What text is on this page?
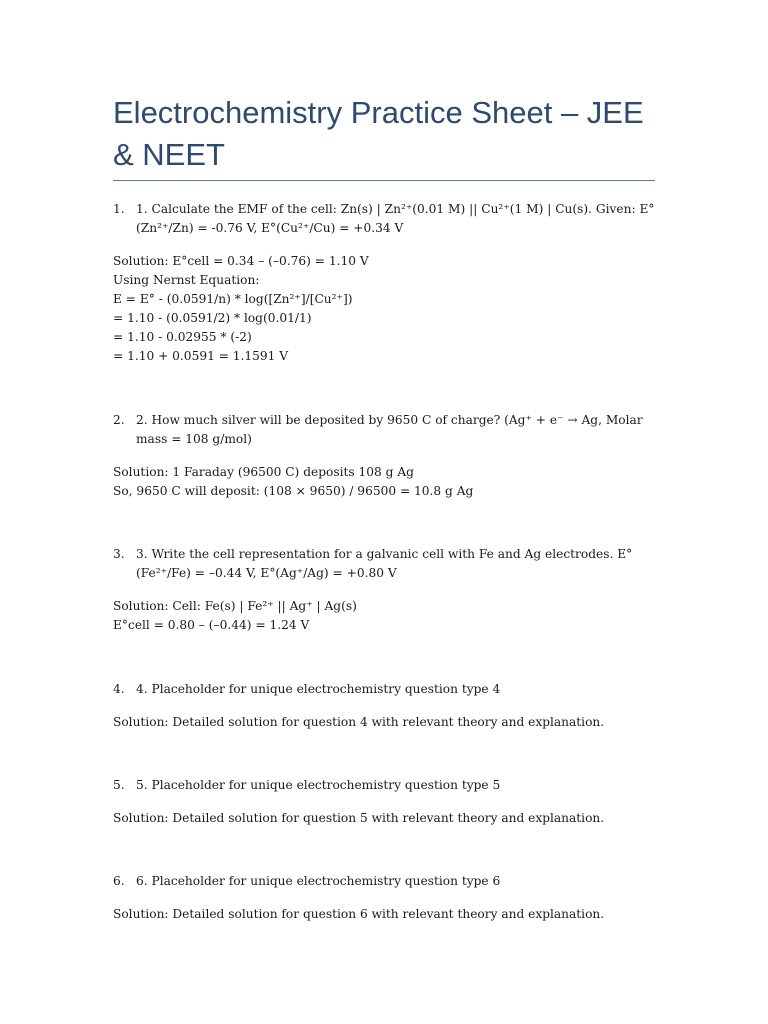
Electrochemistry Practice Sheet – JEE & NEET
1. 1. Calculate the EMF of the cell: Zn(s) | Zn²⁺(0.01 M) || Cu²⁺(1 M) | Cu(s). Given: E°(Zn²⁺/Zn) = -0.76 V, E°(Cu²⁺/Cu) = +0.34 V
Solution: E°cell = 0.34 – (–0.76) = 1.10 V
Using Nernst Equation:
E = E° - (0.0591/n) * log([Zn²⁺]/[Cu²⁺])
= 1.10 - (0.0591/2) * log(0.01/1)
= 1.10 - 0.02955 * (-2)
= 1.10 + 0.0591 = 1.1591 V
2. 2. How much silver will be deposited by 9650 C of charge? (Ag⁺ + e⁻ → Ag, Molar mass = 108 g/mol)
Solution: 1 Faraday (96500 C) deposits 108 g Ag
So, 9650 C will deposit: (108 × 9650) / 96500 = 10.8 g Ag
3. 3. Write the cell representation for a galvanic cell with Fe and Ag electrodes. E°(Fe²⁺/Fe) = –0.44 V, E°(Ag⁺/Ag) = +0.80 V
Solution: Cell: Fe(s) | Fe²⁺ || Ag⁺ | Ag(s)
E°cell = 0.80 – (–0.44) = 1.24 V
4. 4. Placeholder for unique electrochemistry question type 4
Solution: Detailed solution for question 4 with relevant theory and explanation.
5. 5. Placeholder for unique electrochemistry question type 5
Solution: Detailed solution for question 5 with relevant theory and explanation.
6. 6. Placeholder for unique electrochemistry question type 6
Solution: Detailed solution for question 6 with relevant theory and explanation.
